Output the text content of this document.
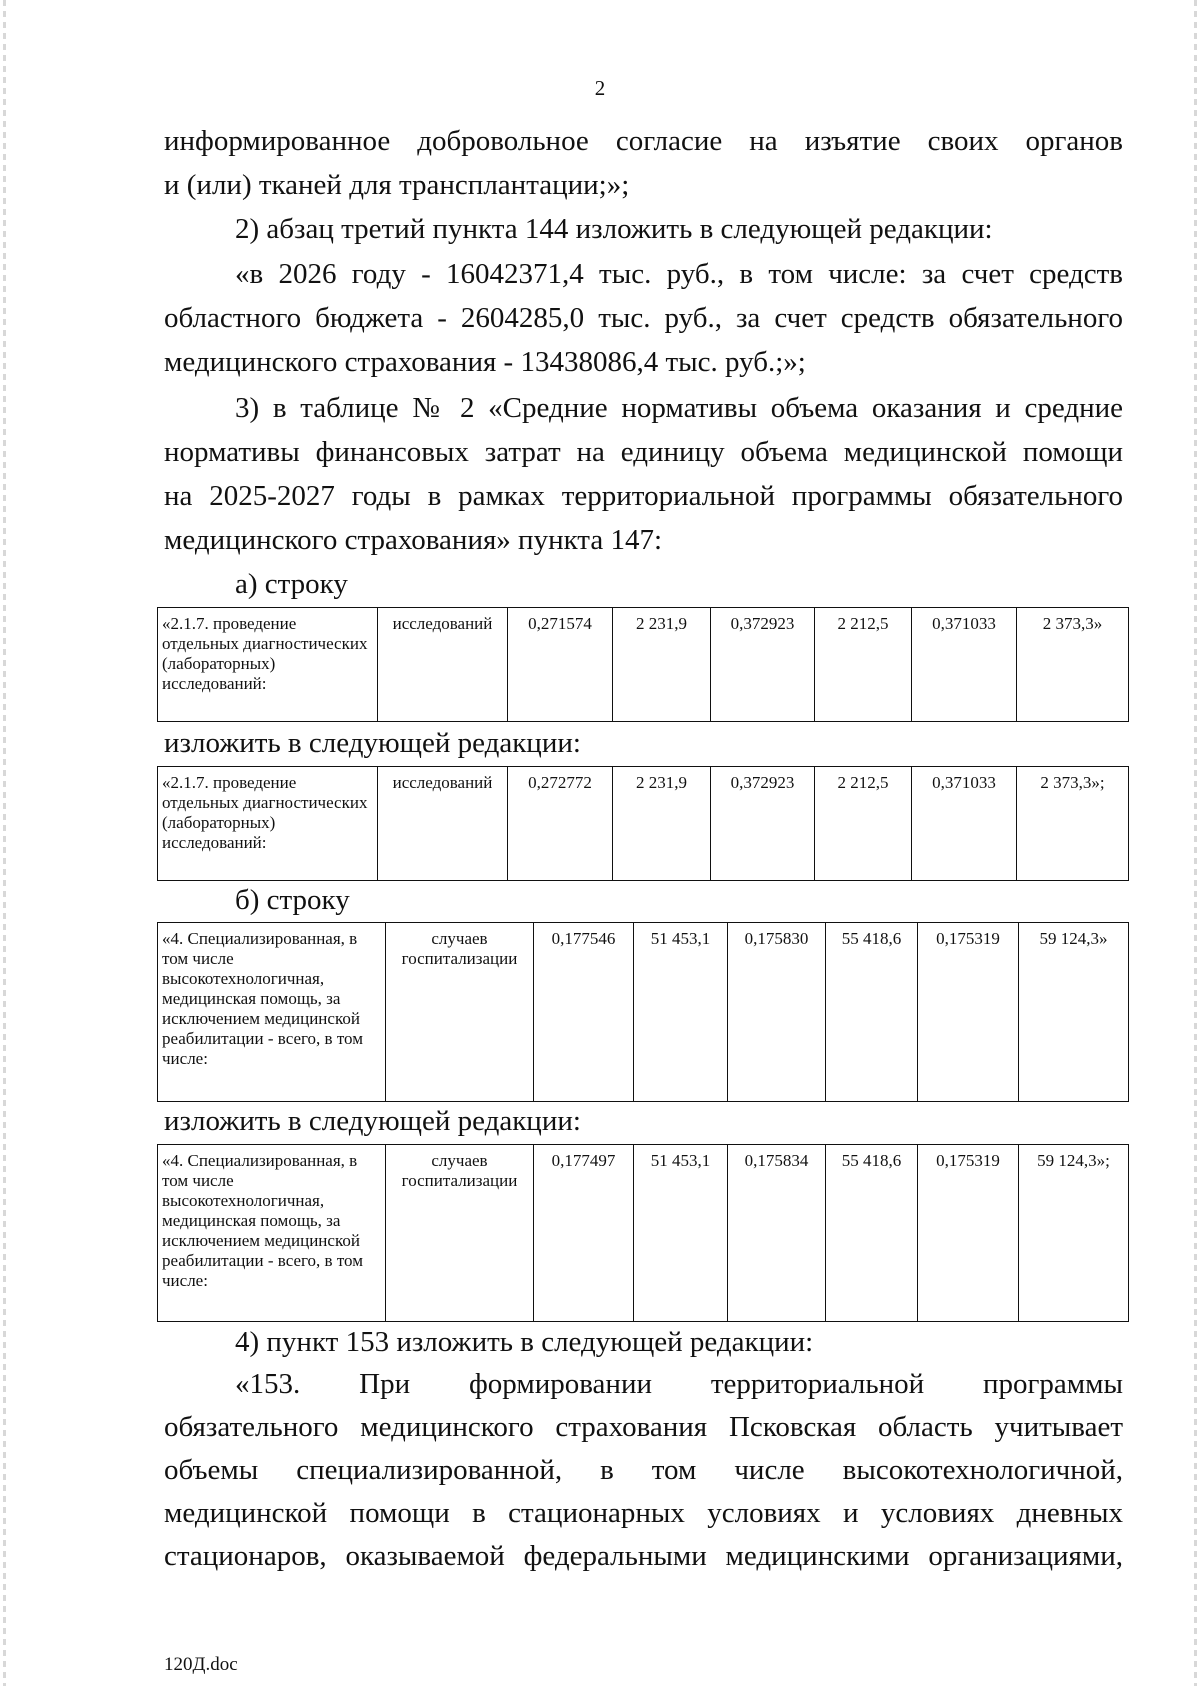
2
информированное добровольное согласие на изъятие своих органов
и (или) тканей для трансплантации;»;
2) абзац третий пункта 144 изложить в следующей редакции:
«в 2026 году - 16042371,4 тыс. руб., в том числе: за счет средств
областного бюджета - 2604285,0 тыс. руб., за счет средств обязательного
медицинского страхования - 13438086,4 тыс. руб.;»;
3) в таблице № 2 «Средние нормативы объема оказания и средние
нормативы финансовых затрат на единицу объема медицинской помощи
на 2025-2027 годы в рамках территориальной программы обязательного
медицинского страхования» пункта 147:
а) строку
«2.1.7. проведение отдельных диагностических (лабораторных) исследований:	исследований	0,271574	2 231,9	0,372923	2 212,5	0,371033	2 373,3»
изложить в следующей редакции:
«2.1.7. проведение отдельных диагностических (лабораторных) исследований:	исследований	0,272772	2 231,9	0,372923	2 212,5	0,371033	2 373,3»;
б) строку
«4. Специализированная, в том числе высокотехнологичная, медицинская помощь, за исключением медицинской реабилитации - всего, в том числе:	случаев госпитализации	0,177546	51 453,1	0,175830	55 418,6	0,175319	59 124,3»
изложить в следующей редакции:
«4. Специализированная, в том числе высокотехнологичная, медицинская помощь, за исключением медицинской реабилитации - всего, в том числе:	случаев госпитализации	0,177497	51 453,1	0,175834	55 418,6	0,175319	59 124,3»;
4) пункт 153 изложить в следующей редакции:
«153. При формировании территориальной программы
обязательного медицинского страхования Псковская область учитывает
объемы специализированной, в том числе высокотехнологичной,
медицинской помощи в стационарных условиях и условиях дневных
стационаров, оказываемой федеральными медицинскими организациями,
120Д.doc
